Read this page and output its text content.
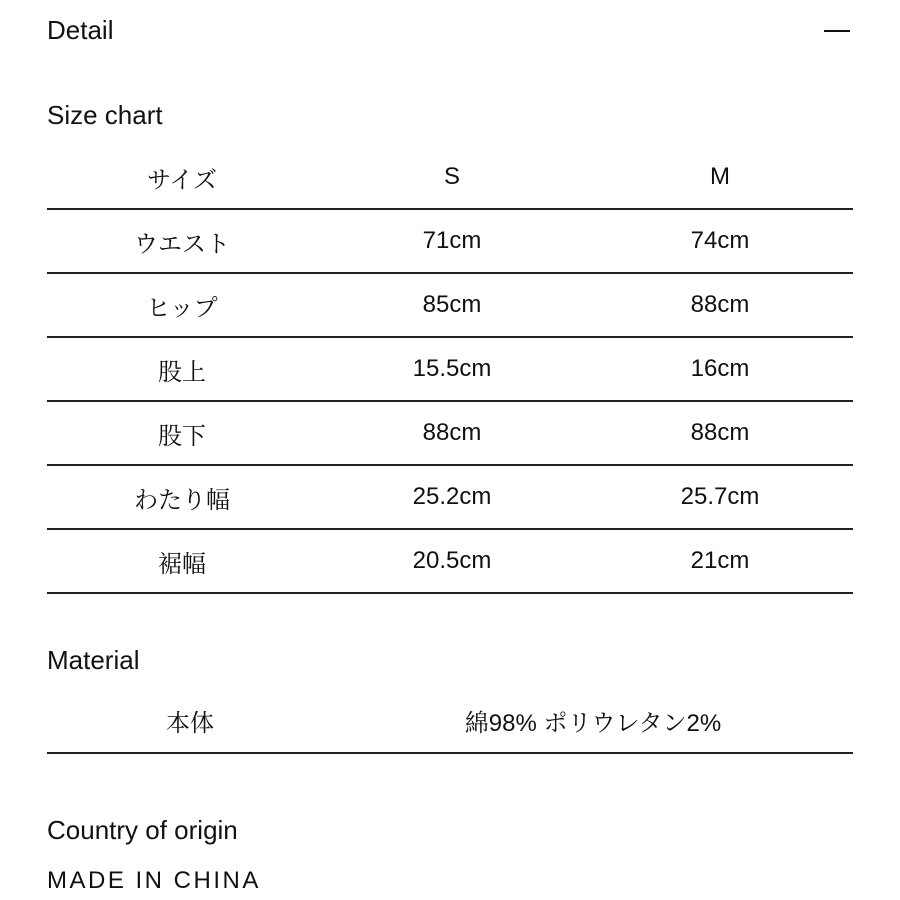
Detail
Size chart
サイズ	S	M
ウエスト	71cm	74cm
ヒップ	85cm	88cm
股上	15.5cm	16cm
股下	88cm	88cm
わたり幅	25.2cm	25.7cm
裾幅	20.5cm	21cm
Material
本体	綿98% ポリウレタン2%
Country of origin
MADE IN CHINA
